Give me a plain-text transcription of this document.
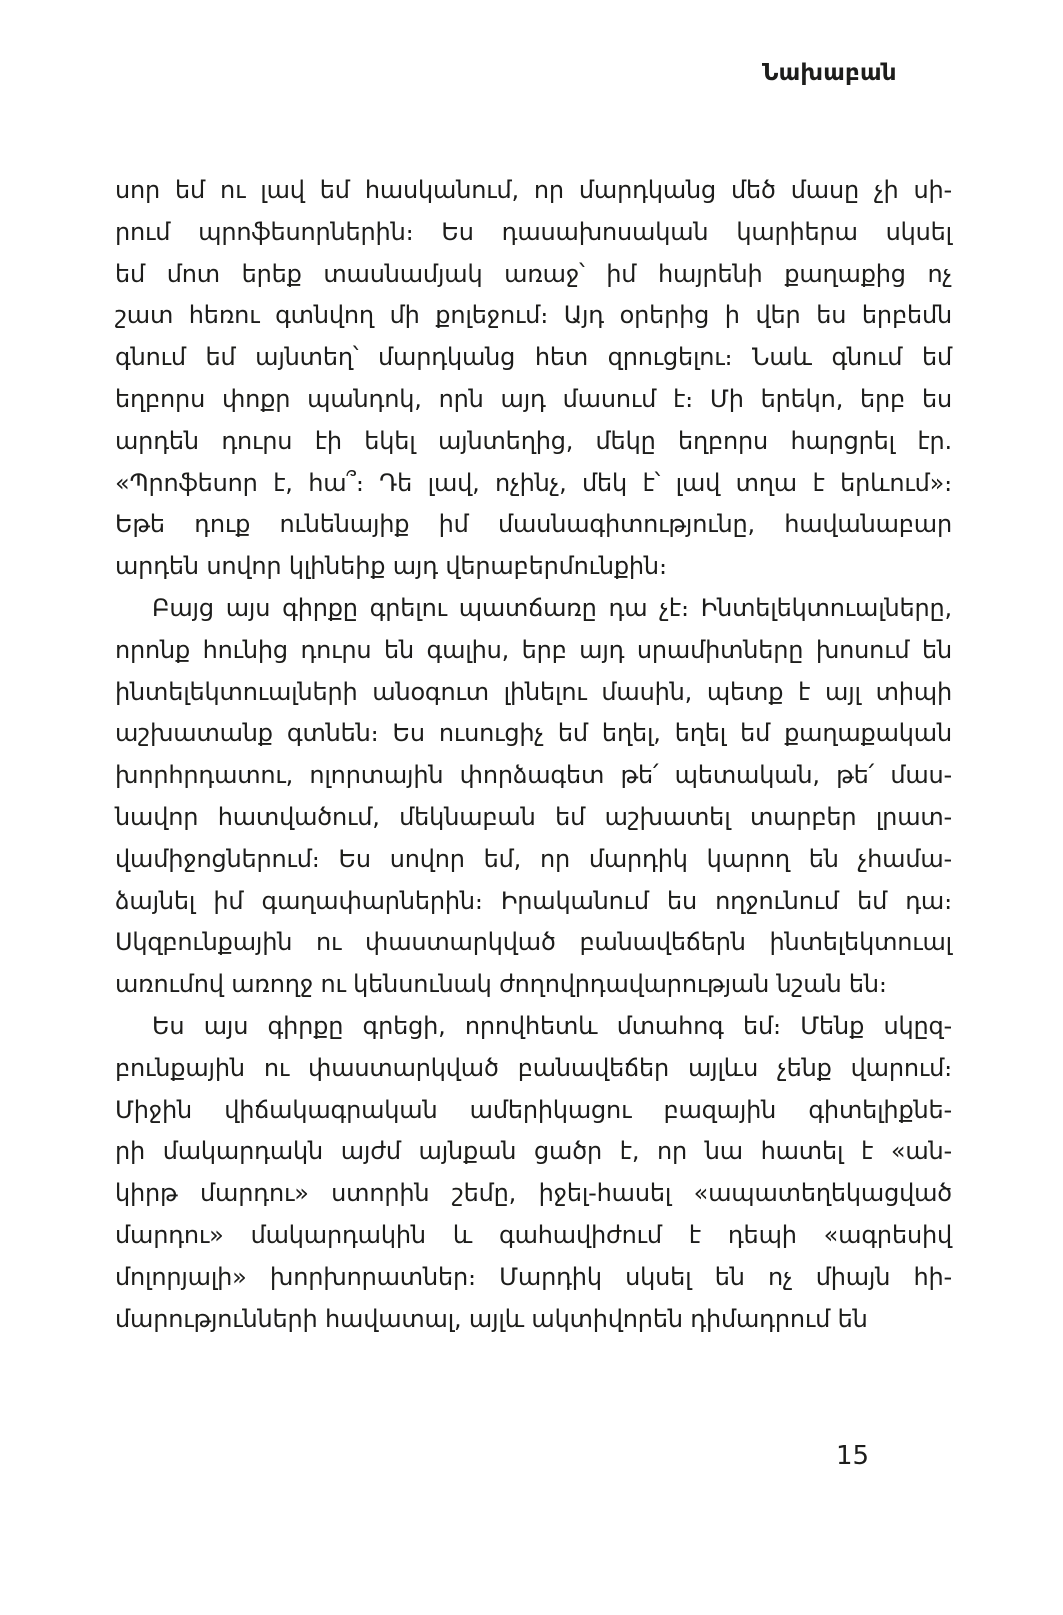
Նախաբան
սոր եմ ու լավ եմ հասկանում, որ մարդկանց մեծ մասը չի սի-
րում պրոֆեսորներին։ Ես դասախոսական կարիերա սկսել
եմ մոտ երեք տասնամյակ առաջ՝ իմ հայրենի քաղաքից ոչ
շատ հեռու գտնվող մի քոլեջում։ Այդ օրերից ի վեր ես երբեմն
գնում եմ այնտեղ՝ մարդկանց հետ զրուցելու։ Նաև գնում եմ
եղբորս փոքր պանդոկ, որն այդ մասում է։ Մի երեկո, երբ ես
արդեն դուրս էի եկել այնտեղից, մեկը եղբորս հարցրել էր.
«Պրոֆեսոր է, հա՞։ Դե լավ, ոչինչ, մեկ է՝ լավ տղա է երևում»։
Եթե դուք ունենայիք իմ մասնագիտությունը, հավանաբար
արդեն սովոր կլինեիք այդ վերաբերմունքին։
Բայց այս գիրքը գրելու պատճառը դա չէ։ Ինտելեկտուալները,
որոնք հունից դուրս են գալիս, երբ այդ սրամիտները խոսում են
ինտելեկտուալների անօգուտ լինելու մասին, պետք է այլ տիպի
աշխատանք գտնեն։ Ես ուսուցիչ եմ եղել, եղել եմ քաղաքական
խորհրդատու, ոլորտային փորձագետ թե՛ պետական, թե՛ մաս-
նավոր հատվածում, մեկնաբան եմ աշխատել տարբեր լրատ-
վամիջոցներում։ Ես սովոր եմ, որ մարդիկ կարող են չհամա-
ձայնել իմ գաղափարներին։ Իրականում ես ողջունում եմ դա։
Սկզբունքային ու փաստարկված բանավեճերն ինտելեկտուալ
առումով առողջ ու կենսունակ ժողովրդավարության նշան են։
Ես այս գիրքը գրեցի, որովհետև մտահոգ եմ։ Մենք սկըզ-
բունքային ու փաստարկված բանավեճեր այլևս չենք վարում։
Միջին վիճակագրական ամերիկացու բազային գիտելիքնե-
րի մակարդակն այժմ այնքան ցածր է, որ նա հատել է «ան-
կիրթ մարդու» ստորին շեմը, իջել-հասել «ապատեղեկացված
մարդու» մակարդակին և գահավիժում է դեպի «ագրեսիվ
մոլորյալի» խորխորատներ։ Մարդիկ սկսել են ոչ միայն հի-
մարությունների հավատալ, այլև ակտիվորեն դիմադրում են
15
